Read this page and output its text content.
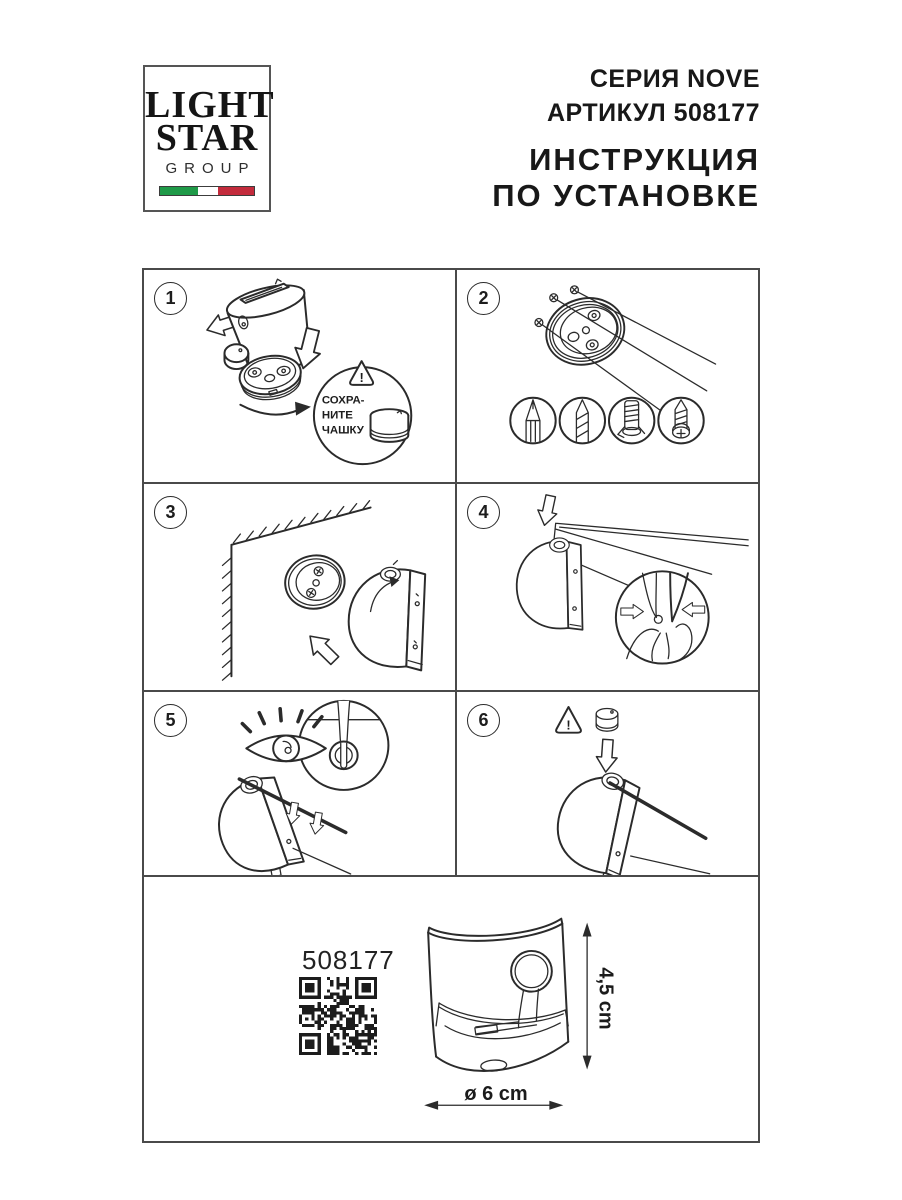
LIGHT
STAR
GROUP
СЕРИЯ NOVE
АРТИКУЛ 508177
ИНСТРУКЦИЯ
ПО УСТАНОВКЕ
1
!
СОХРА-
НИТЕ
ЧАШКУ
2
3	4
5	6	!
508177
4,5 cm
ø 6 cm
